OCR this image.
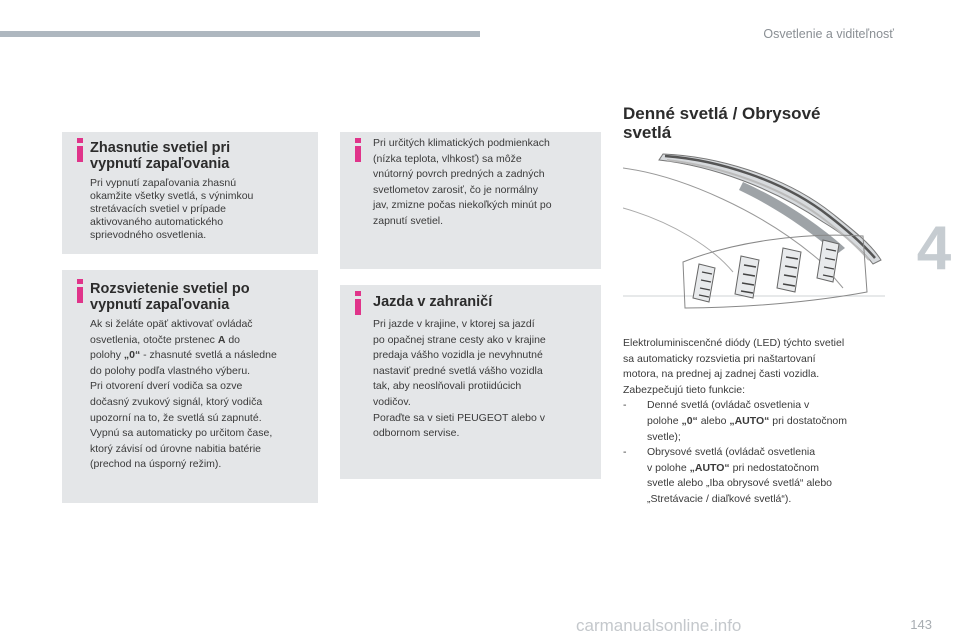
Osvetlenie a viditeľnosť
4
Zhasnutie svetiel pri
vypnutí zapaľovania
Pri vypnutí zapaľovania zhasnú
okamžite všetky svetlá, s výnimkou
stretávacích svetiel v prípade
aktivovaného automatického
sprievodného osvetlenia.
Rozsvietenie svetiel po
vypnutí zapaľovania
Ak si želáte opäť aktivovať ovládač
osvetlenia, otočte prstenec A do
polohy „0“ - zhasnuté svetlá a následne
do polohy podľa vlastného výberu.
Pri otvorení dverí vodiča sa ozve
dočasný zvukový signál, ktorý vodiča
upozorní na to, že svetlá sú zapnuté.
Vypnú sa automaticky po určitom čase,
ktorý závisí od úrovne nabitia batérie
(prechod na úsporný režim).
Pri určitých klimatických podmienkach
(nízka teplota, vlhkosť) sa môže
vnútorný povrch predných a zadných
svetlometov zarosiť, čo je normálny
jav, zmizne počas niekoľkých minút po
zapnutí svetiel.
Jazda v zahraničí
Pri jazde v krajine, v ktorej sa jazdí
po opačnej strane cesty ako v krajine
predaja vášho vozidla je nevyhnutné
nastaviť predné svetlá vášho vozidla
tak, aby neoslňovali protiidúcich
vodičov.
Poraďte sa v sieti PEUGEOT alebo v
odbornom servise.
Denné svetlá / Obrysové
svetlá
Elektroluminiscenčné diódy (LED) týchto svetiel
sa automaticky rozsvietia pri naštartovaní
motora, na prednej aj zadnej časti vozidla.
Zabezpečujú tieto funkcie:
-	Denné svetlá (ovládač osvetlenia v
polohe „0“ alebo „AUTO“ pri dostatočnom
svetle);
-	Obrysové svetlá (ovládač osvetlenia
v polohe „AUTO“ pri nedostatočnom
svetle alebo „Iba obrysové svetlá“ alebo
„Stretávacie / diaľkové svetlá“).
carmanualsonline.info	143
